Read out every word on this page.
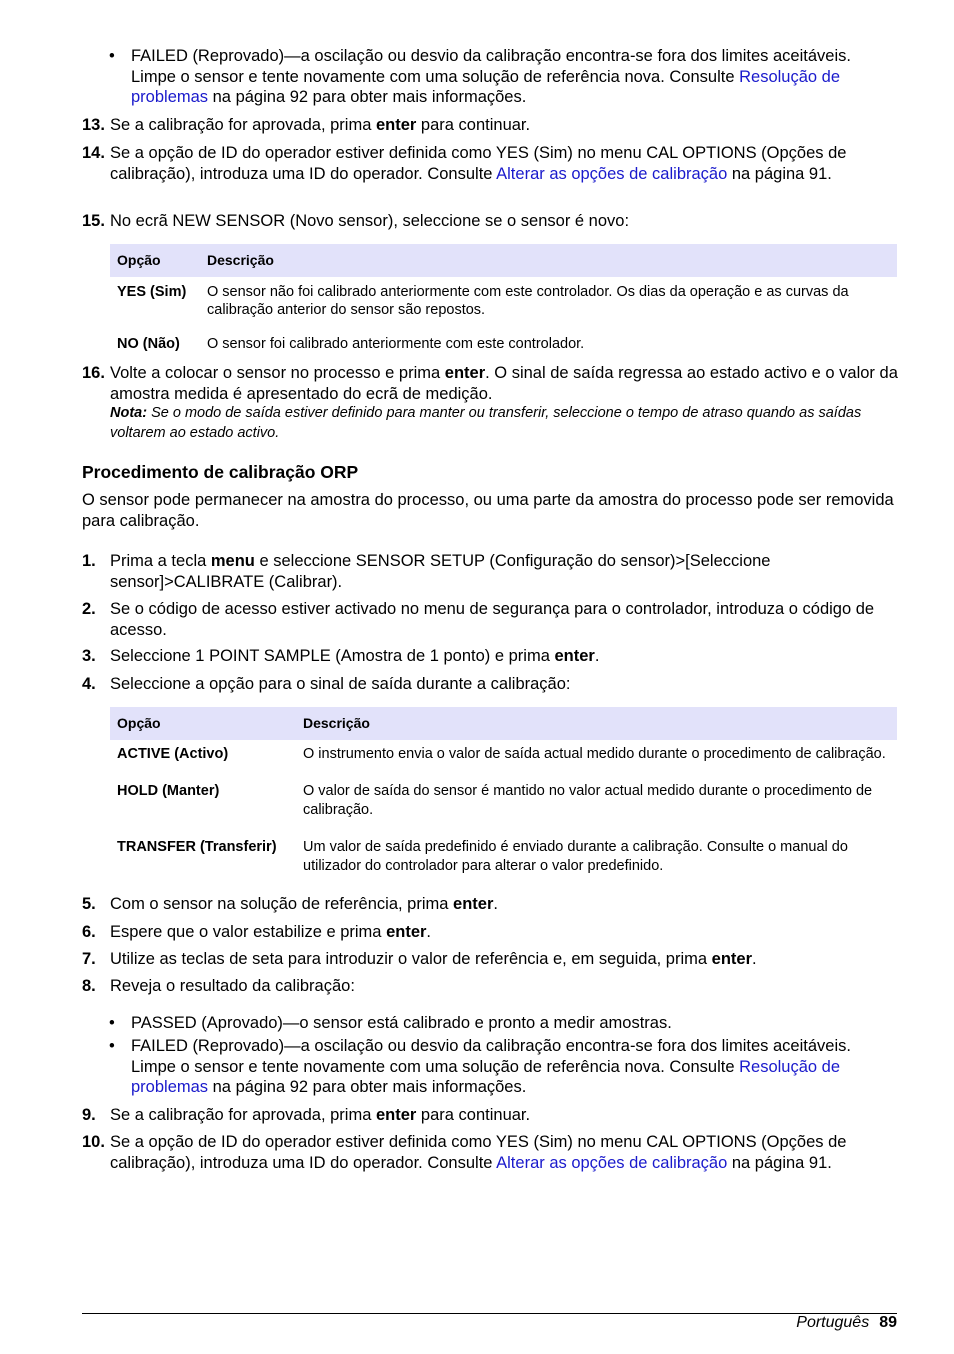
• FAILED (Reprovado)—a oscilação ou desvio da calibração encontra-se fora dos limites aceitáveis. Limpe o sensor e tente novamente com uma solução de referência nova. Consulte Resolução de problemas na página 92 para obter mais informações.
13. Se a calibração for aprovada, prima enter para continuar.
14. Se a opção de ID do operador estiver definida como YES (Sim) no menu CAL OPTIONS (Opções de calibração), introduza uma ID do operador. Consulte Alterar as opções de calibração na página 91.
15. No ecrã NEW SENSOR (Novo sensor), seleccione se o sensor é novo:
Opção	Descrição
YES (Sim)	O sensor não foi calibrado anteriormente com este controlador. Os dias da operação e as curvas da calibração anterior do sensor são repostos.
NO (Não)	O sensor foi calibrado anteriormente com este controlador.
16. Volte a colocar o sensor no processo e prima enter. O sinal de saída regressa ao estado activo e o valor da amostra medida é apresentado do ecrã de medição.
Nota: Se o modo de saída estiver definido para manter ou transferir, seleccione o tempo de atraso quando as saídas voltarem ao estado activo.
Procedimento de calibração ORP
O sensor pode permanecer na amostra do processo, ou uma parte da amostra do processo pode ser removida para calibração.
1. Prima a tecla menu e seleccione SENSOR SETUP (Configuração do sensor)>[Seleccione sensor]>CALIBRATE (Calibrar).
2. Se o código de acesso estiver activado no menu de segurança para o controlador, introduza o código de acesso.
3. Seleccione 1 POINT SAMPLE (Amostra de 1 ponto) e prima enter.
4. Seleccione a opção para o sinal de saída durante a calibração:
Opção	Descrição
ACTIVE (Activo)	O instrumento envia o valor de saída actual medido durante o procedimento de calibração.
HOLD (Manter)	O valor de saída do sensor é mantido no valor actual medido durante o procedimento de calibração.
TRANSFER (Transferir)	Um valor de saída predefinido é enviado durante a calibração. Consulte o manual do utilizador do controlador para alterar o valor predefinido.
5. Com o sensor na solução de referência, prima enter.
6. Espere que o valor estabilize e prima enter.
7. Utilize as teclas de seta para introduzir o valor de referência e, em seguida, prima enter.
8. Reveja o resultado da calibração:
• PASSED (Aprovado)—o sensor está calibrado e pronto a medir amostras.
• FAILED (Reprovado)—a oscilação ou desvio da calibração encontra-se fora dos limites aceitáveis. Limpe o sensor e tente novamente com uma solução de referência nova. Consulte Resolução de problemas na página 92 para obter mais informações.
9. Se a calibração for aprovada, prima enter para continuar.
10. Se a opção de ID do operador estiver definida como YES (Sim) no menu CAL OPTIONS (Opções de calibração), introduza uma ID do operador. Consulte Alterar as opções de calibração na página 91.
Português 89
